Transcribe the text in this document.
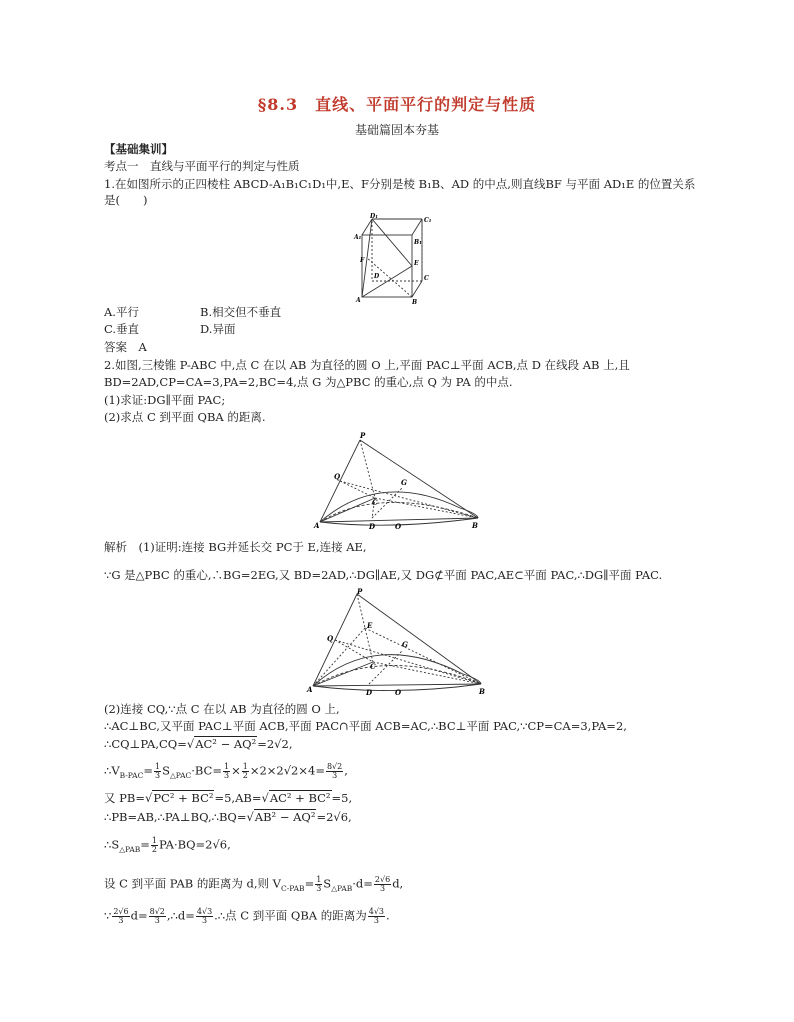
§8.3　直线、平面平行的判定与性质
基础篇固本夯基
【基础集训】
考点一　直线与平面平行的判定与性质
1.在如图所示的正四棱柱 ABCD-A₁B₁C₁D₁中,E、F分别是棱 B₁B、AD 的中点,则直线BF 与平面 AD₁E 的位置关系
是(　　)
D₁
C₁
A₁
B₁
F
D	C
E
A	B
A.平行	B.相交但不垂直
C.垂直	D.异面
答案　A
2.如图,三棱锥 P-ABC 中,点 C 在以 AB 为直径的圆 O 上,平面 PAC⊥平面 ACB,点 D 在线段 AB 上,且
BD=2AD,CP=CA=3,PA=2,BC=4,点 G 为△PBC 的重心,点 Q 为 PA 的中点.
(1)求证:DG∥平面 PAC;
(2)求点 C 到平面 QBA 的距离.
P
Q
G
C
A	D	O	B
解析　(1)证明:连接 BG并延长交 PC于 E,连接 AE,
∵G 是△PBC 的重心,∴BG=2EG,又 BD=2AD,∴DG∥AE,又 DG⊄平面 PAC,AE⊂平面 PAC,∴DG∥平面 PAC.
P
E
Q
G
C
A	D	O	B
(2)连接 CQ,∵点 C 在以 AB 为直径的圆 O 上,
∴AC⊥BC,又平面 PAC⊥平面 ACB,平面 PAC∩平面 ACB=AC,∴BC⊥平面 PAC,∵CP=CA=3,PA=2,
∴CQ⊥PA,CQ=√AC² − AQ²=2√2,
$\therefore V_{B-PAC}= \frac{1}{3} S_{\triangle PAC}\cdot BC= \frac{1}{3} \times \frac{1}{2} \times 2\times 2√2\times 4= \frac{8√2}{3}$ ,
又 PB=√PC² + BC²=5,AB=√AC² + BC²=5,
∴PB=AB,∴PA⊥BQ,∴BQ=√AB² − AQ²=2√6,
$\therefore S_{\triangle PAB}= \frac{1}{2} PA\cdot BQ=2√6$,
设 C 到平面 PAB 的距离为 d,则 $V_{C-PAB}= \frac{1}{3} S_{\triangle PAB}\cdot d= \frac{2√6}{3} d$,
∵ $\frac{2√6}{3} d= \frac{8√2}{3}$ ,∴d= $\frac{4√3}{3}$ .∴点 C 到平面 QBA 的距离为 $\frac{4√3}{3}$ .
